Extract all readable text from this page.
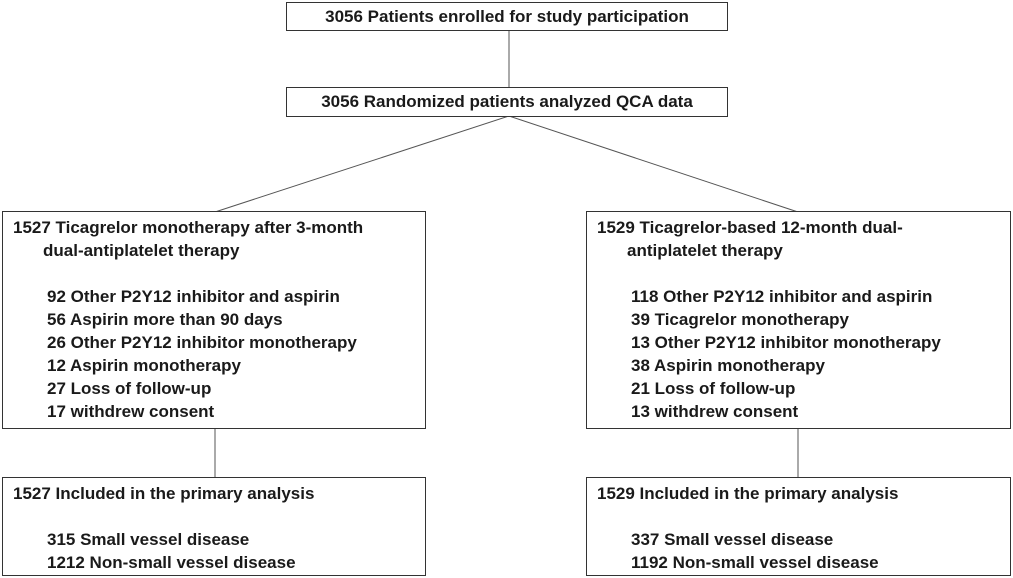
3056 Patients enrolled for study participation
3056 Randomized patients analyzed QCA data
1527 Ticagrelor monotherapy after 3-month
dual-antiplatelet therapy
92 Other P2Y12 inhibitor and aspirin
56 Aspirin more than 90 days
26 Other P2Y12 inhibitor monotherapy
12 Aspirin monotherapy
27 Loss of follow-up
17 withdrew consent
1529 Ticagrelor-based 12-month dual-
antiplatelet therapy
118 Other P2Y12 inhibitor and aspirin
39 Ticagrelor monotherapy
13 Other P2Y12 inhibitor monotherapy
38 Aspirin monotherapy
21 Loss of follow-up
13 withdrew consent
1527 Included in the primary analysis
315 Small vessel disease
1212 Non-small vessel disease
1529 Included in the primary analysis
337 Small vessel disease
1192 Non-small vessel disease
